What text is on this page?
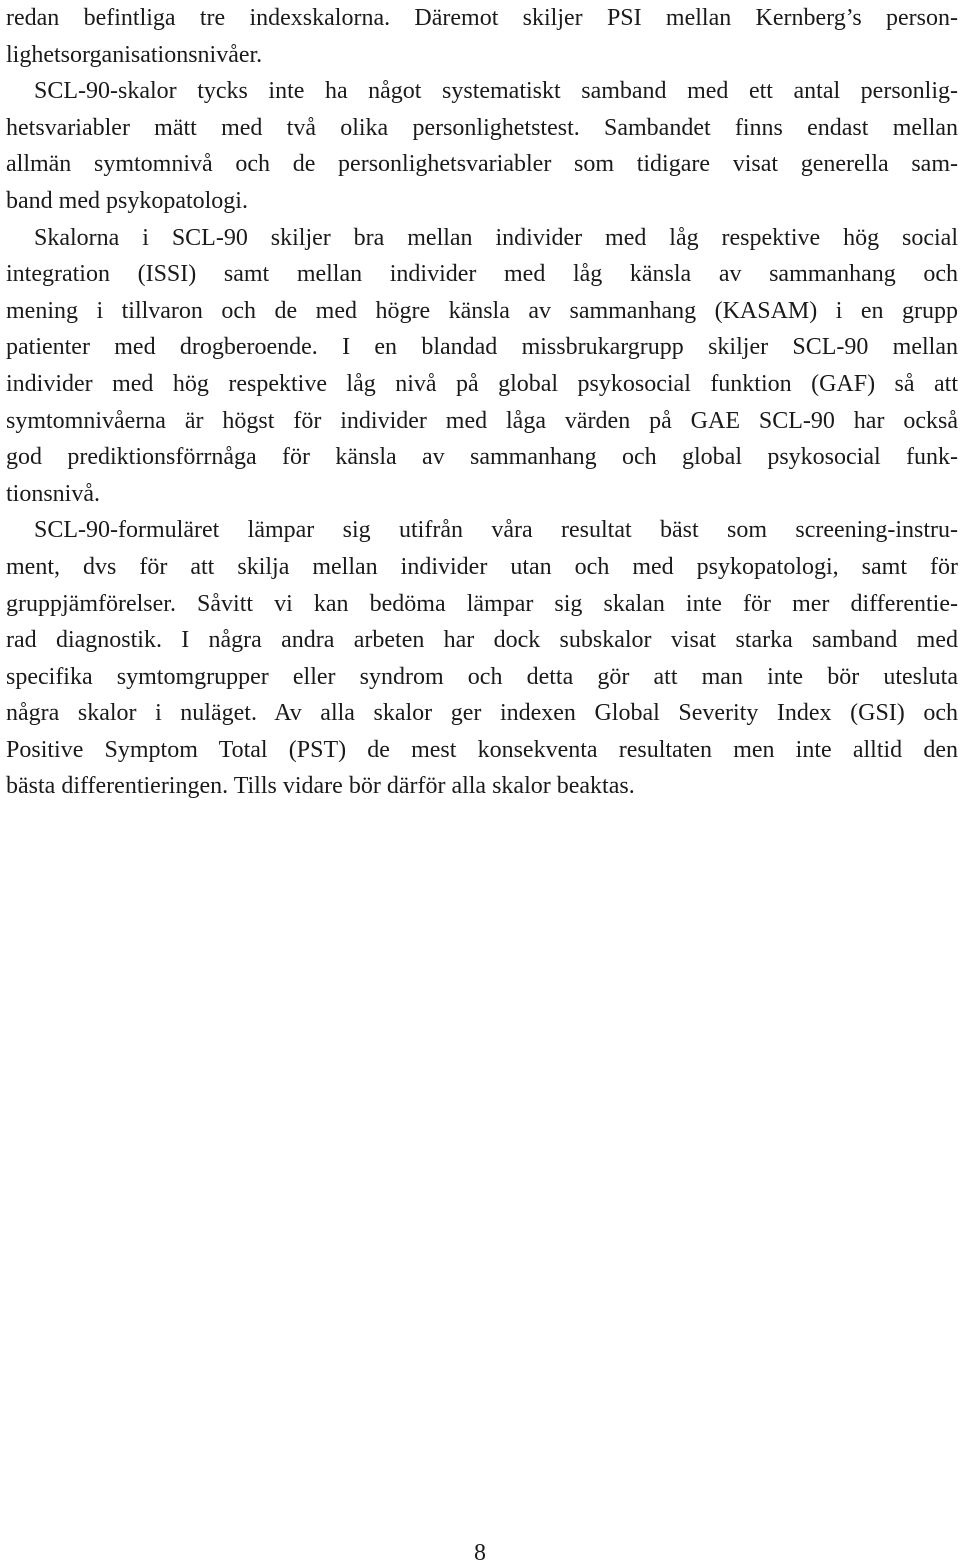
redan befintliga tre indexskalorna. Däremot skiljer PSI mellan Kernberg’s person-
lighetsorganisationsnivåer.
SCL-90-skalor tycks inte ha något systematiskt samband med ett antal personlig-
hetsvariabler mätt med två olika personlighetstest. Sambandet finns endast mellan
allmän symtomnivå och de personlighetsvariabler som tidigare visat generella sam-
band med psykopatologi.
Skalorna i SCL-90 skiljer bra mellan individer med låg respektive hög social
integration (ISSI) samt mellan individer med låg känsla av sammanhang och
mening i tillvaron och de med högre känsla av sammanhang (KASAM) i en grupp
patienter med drogberoende. I en blandad missbrukargrupp skiljer SCL-90 mellan
individer med hög respektive låg nivå på global psykosocial funktion (GAF) så att
symtomnivåerna är högst för individer med låga värden på GAE SCL-90 har också
god prediktionsförrnåga för känsla av sammanhang och global psykosocial funk-
tionsnivå.
SCL-90-formuläret lämpar sig utifrån våra resultat bäst som screening-instru-
ment, dvs för att skilja mellan individer utan och med psykopatologi, samt för
gruppjämförelser. Såvitt vi kan bedöma lämpar sig skalan inte för mer differentie-
rad diagnostik. I några andra arbeten har dock subskalor visat starka samband med
specifika symtomgrupper eller syndrom och detta gör att man inte bör utesluta
några skalor i nuläget. Av alla skalor ger indexen Global Severity Index (GSI) och
Positive Symptom Total (PST) de mest konsekventa resultaten men inte alltid den
bästa differentieringen. Tills vidare bör därför alla skalor beaktas.
8
